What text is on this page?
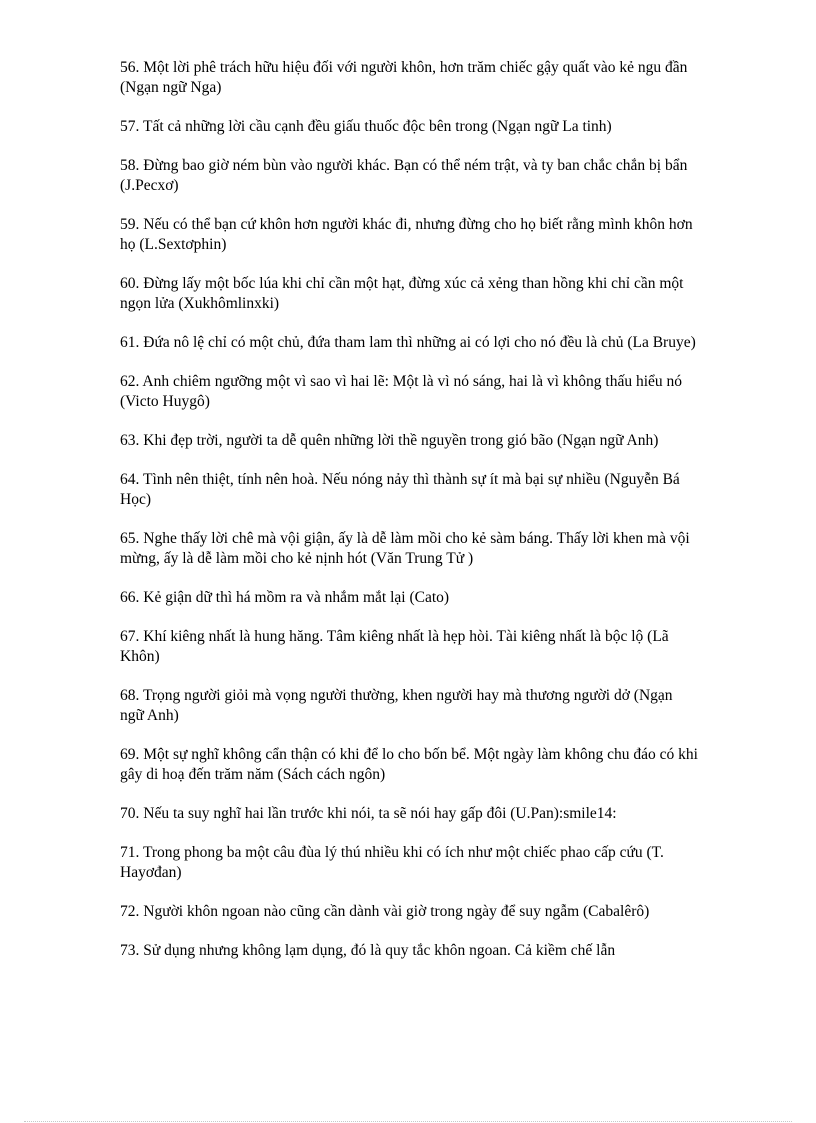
56. Một lời phê trách hữu hiệu đối với người khôn, hơn trăm chiếc gậy quất vào kẻ ngu đần (Ngạn ngữ Nga)

57. Tất cả những lời cầu cạnh đều giấu thuốc độc bên trong (Ngạn ngữ La tinh)

58. Đừng bao giờ ném bùn vào người khác. Bạn có thể ném trật, và ty ban chắc chắn bị bẩn (J.Pecxơ)

59. Nếu có thể bạn cứ khôn hơn người khác đi, nhưng đừng cho họ biết rằng mình khôn hơn họ (L.Sextơphin)

60. Đừng lấy một bốc lúa khi chỉ cần một hạt, đừng xúc cả xẻng than hồng khi chỉ cần một ngọn lửa (Xukhômlinxki)

61. Đứa nô lệ chỉ có một chủ, đứa tham lam thì những ai có lợi cho nó đều là chủ (La Bruye)

62. Anh chiêm ngưỡng một vì sao vì hai lẽ: Một là vì nó sáng, hai là vì không thấu hiểu nó (Victo Huygô)

63. Khi đẹp trời, người ta dễ quên những lời thề nguyền trong gió bão (Ngạn ngữ Anh)

64. Tình nên thiệt, tính nên hoà. Nếu nóng nảy thì thành sự ít mà bại sự nhiều (Nguyễn Bá Học)

65. Nghe thấy lời chê mà vội giận, ấy là dễ làm mồi cho kẻ sàm báng. Thấy lời khen mà vội mừng, ấy là dễ làm mồi cho kẻ nịnh hót (Văn Trung Tử )

66. Kẻ giận dữ thì há mồm ra và nhắm mắt lại (Cato)

67. Khí kiêng nhất là hung hăng. Tâm kiêng nhất là hẹp hòi. Tài kiêng nhất là bộc lộ (Lã Khôn)

68. Trọng người giỏi mà vọng người thường, khen người hay mà thương người dở (Ngạn ngữ Anh)

69. Một sự nghĩ không cẩn thận có khi để lo cho bốn bể. Một ngày làm không chu đáo có khi gây di hoạ đến trăm năm (Sách cách ngôn)

70. Nếu ta suy nghĩ hai lần trước khi nói, ta sẽ nói hay gấp đôi (U.Pan):smile14:

71. Trong phong ba một câu đùa lý thú nhiều khi có ích như một chiếc phao cấp cứu (T. Hayơđan)

72. Người khôn ngoan nào cũng cần dành vài giờ trong ngày để suy ngẫm (Cabalêrô)

73. Sử dụng nhưng không lạm dụng, đó là quy tắc khôn ngoan. Cả kiềm chế lẫn
